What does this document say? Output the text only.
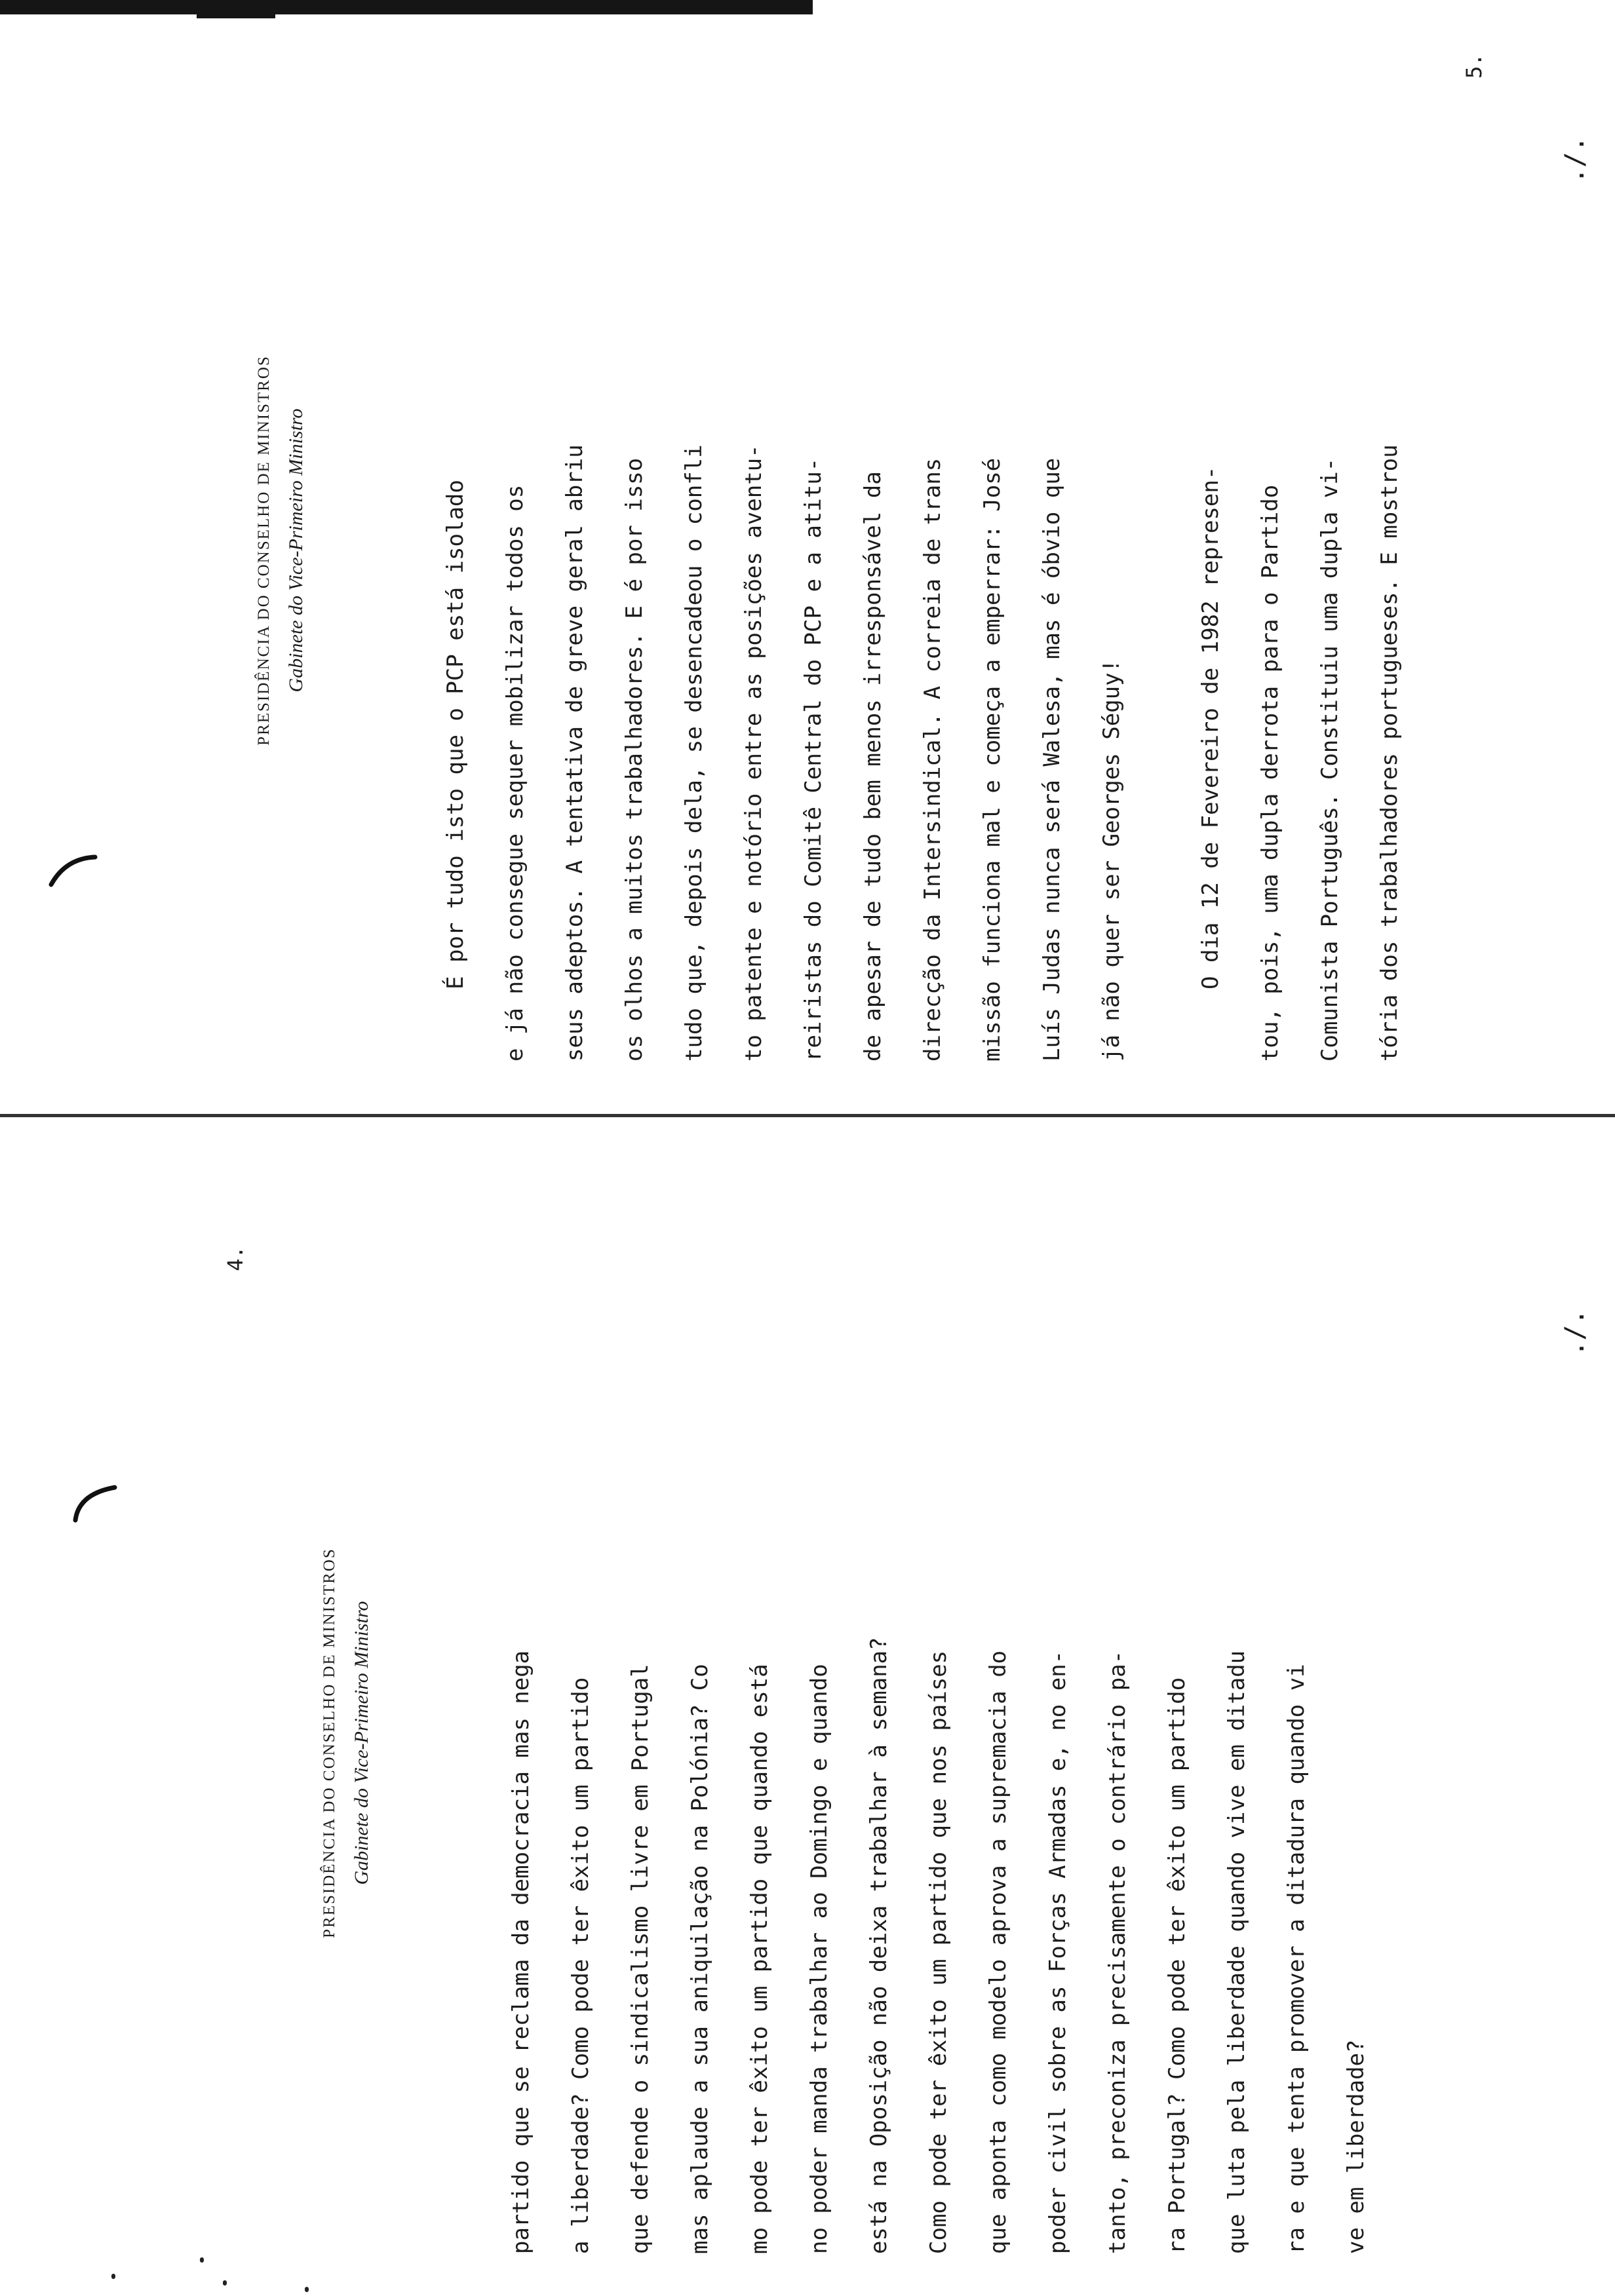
PRESIDÊNCIA DO CONSELHO DE MINISTROS Gabinete do Vice-Primeiro Ministro
5.
É por tudo isto que o PCP está isolado	e já não consegue sequer mobilizar todos os	seus adeptos. A tentativa de greve geral abriu	os olhos a muitos trabalhadores. E é por isso	tudo que, depois dela, se desencadeou o confli	to patente e notório entre as posições aventu-	reiristas do Comitê Central do PCP e a atitu-	de apesar de tudo bem menos irresponsável da	direcção da Intersindical. A correia de trans	missão funciona mal e começa a emperrar: José	Luís Judas nunca será Walesa, mas é óbvio que	já não quer ser Georges Séguy!	O dia 12 de Fevereiro de 1982 represen-	tou, pois, uma dupla derrota para o Partido	Comunista Português. Constituiu uma dupla vi-	tória dos trabalhadores portugueses. E mostrou
./.
PRESIDÊNCIA DO CONSELHO DE MINISTROS Gabinete do Vice-Primeiro Ministro
4.
partido que se reclama da democracia mas nega	a liberdade? Como pode ter êxito um partido	que defende o sindicalismo livre em Portugal	mas aplaude a sua aniquilação na Polónia? Co	mo pode ter êxito um partido que quando está	no poder manda trabalhar ao Domingo e quando	está na Oposição não deixa trabalhar à semana?	Como pode ter êxito um partido que nos países	que aponta como modelo aprova a supremacia do	poder civil sobre as Forças Armadas e, no en-	tanto, preconiza precisamente o contrário pa-	ra Portugal? Como pode ter êxito um partido	que luta pela liberdade quando vive em ditadu	ra e que tenta promover a ditadura quando vi	ve em liberdade?
./.
